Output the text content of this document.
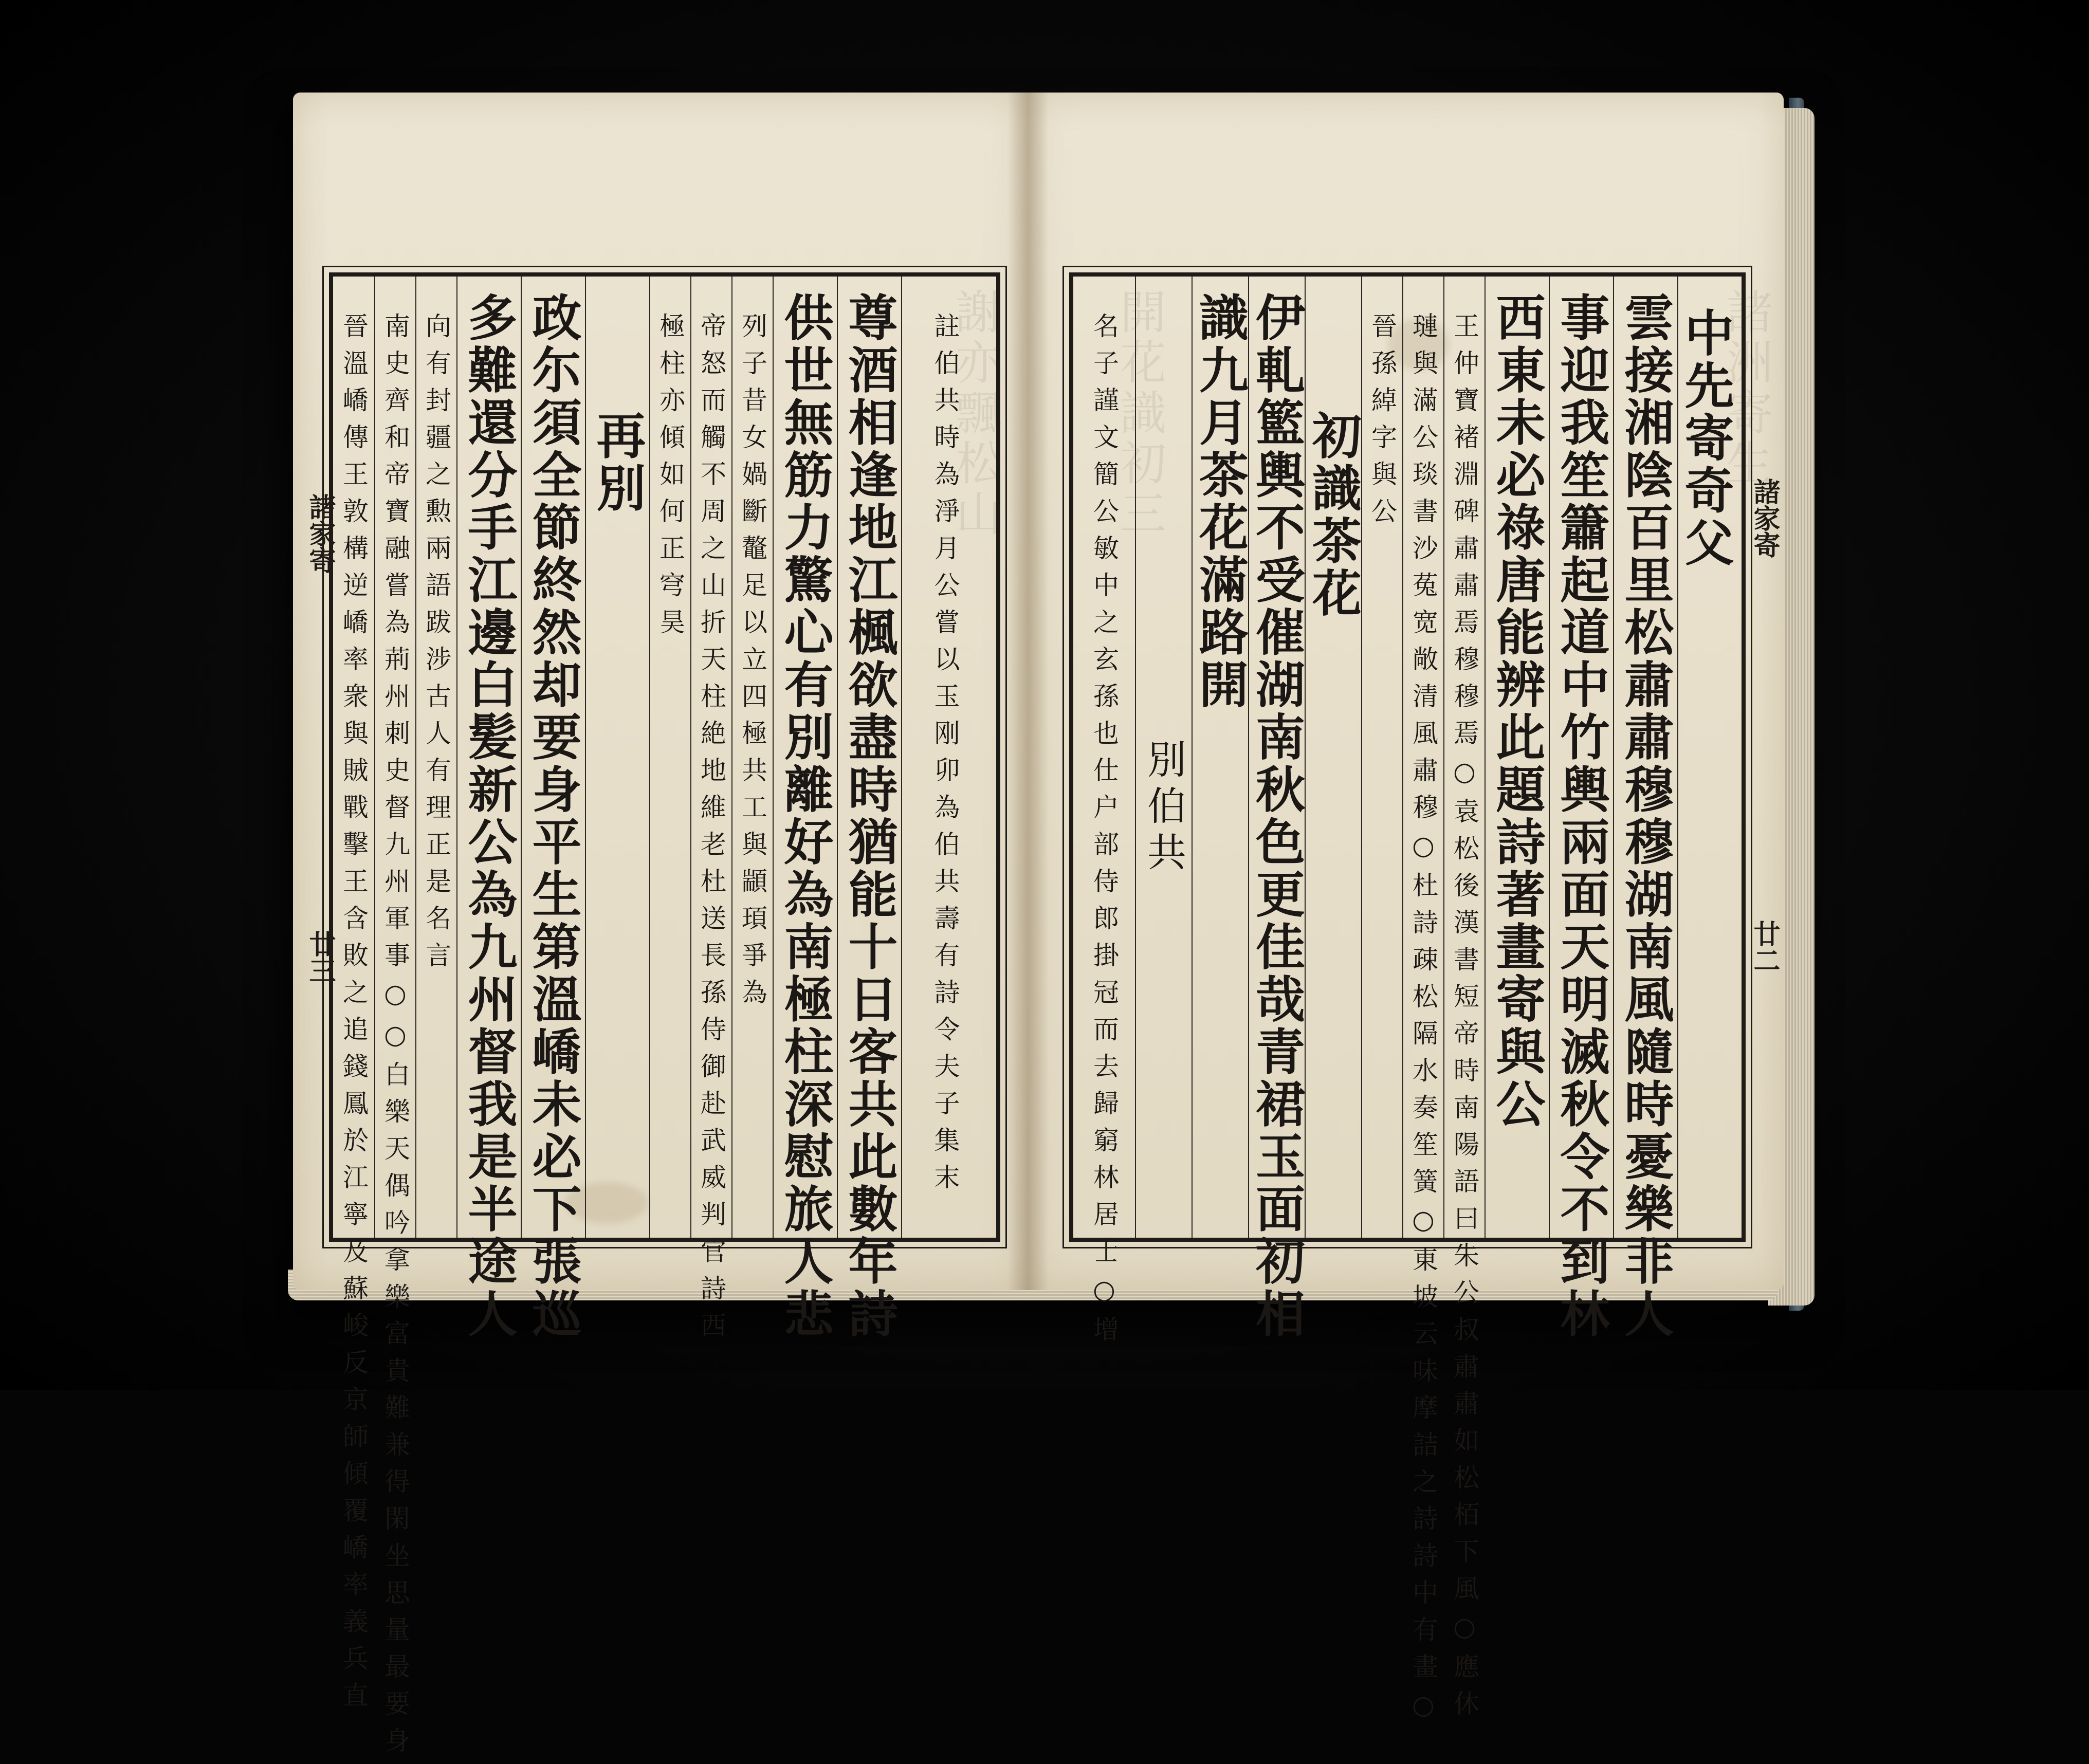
謝亦飄松山 開花識初三	諸洲寄生
諸家寄
廿三
諸家寄
廿二
晉溫嶠傳王敦構逆嶠率衆與賊戰擊王含敗之追錢鳳於江寧及蘇峻反京師傾覆嶠率義兵直 南史齊和帝寶融嘗為荊州刺史督九州軍事○○白樂天偶吟拿樂富貴難兼得閑坐思量最要身 向有封疆之勲兩語跋涉古人有理正是名言 多難還分手江邊白髪新公為九州督我是半途人 政尓須全節終然却要身平生第溫嶠未必下張巡 再別 極柱亦傾如何正穹昊 帝怒而觸不周之山折天柱絶地維老杜送長孫侍御赴武威判官詩西 列子昔女媧斷鼇足以立四極共工與顓頊爭為 供世無筋力驚心有別離好為南極柱深慰旅人悲 尊酒相逢地江楓欲盡時猶能十日客共此數年詩 註伯共時為淨月公嘗以玉刚卯為伯共壽有詩令夫子集末	名子謹文簡公敏中之玄孫也仕户部侍郎掛冠而去歸窮林居士○增 別伯共
識九月茶花滿路開
伊軋籃輿不受催湖南秋色更佳哉青裙玉面初相
初識茶花 晉孫綽字與公 璉與滿公琰書沙菟宽敞清風肅穆○杜詩疎松隔水奏笙簧○東坡云味摩詰之詩詩中有畫○ 王仲寶褚淵碑肅肅焉穆穆焉○袁松後漢書短帝時南陽語曰朱公叔肅肅如松栢下風○應休 西東未必祿唐能辨此題詩著畫寄與公 事迎我笙簫起道中竹輿兩面天明滅秋令不到林 雲接湘陰百里松肅肅穆穆湖南風隨時憂樂非人 中先寄奇父
